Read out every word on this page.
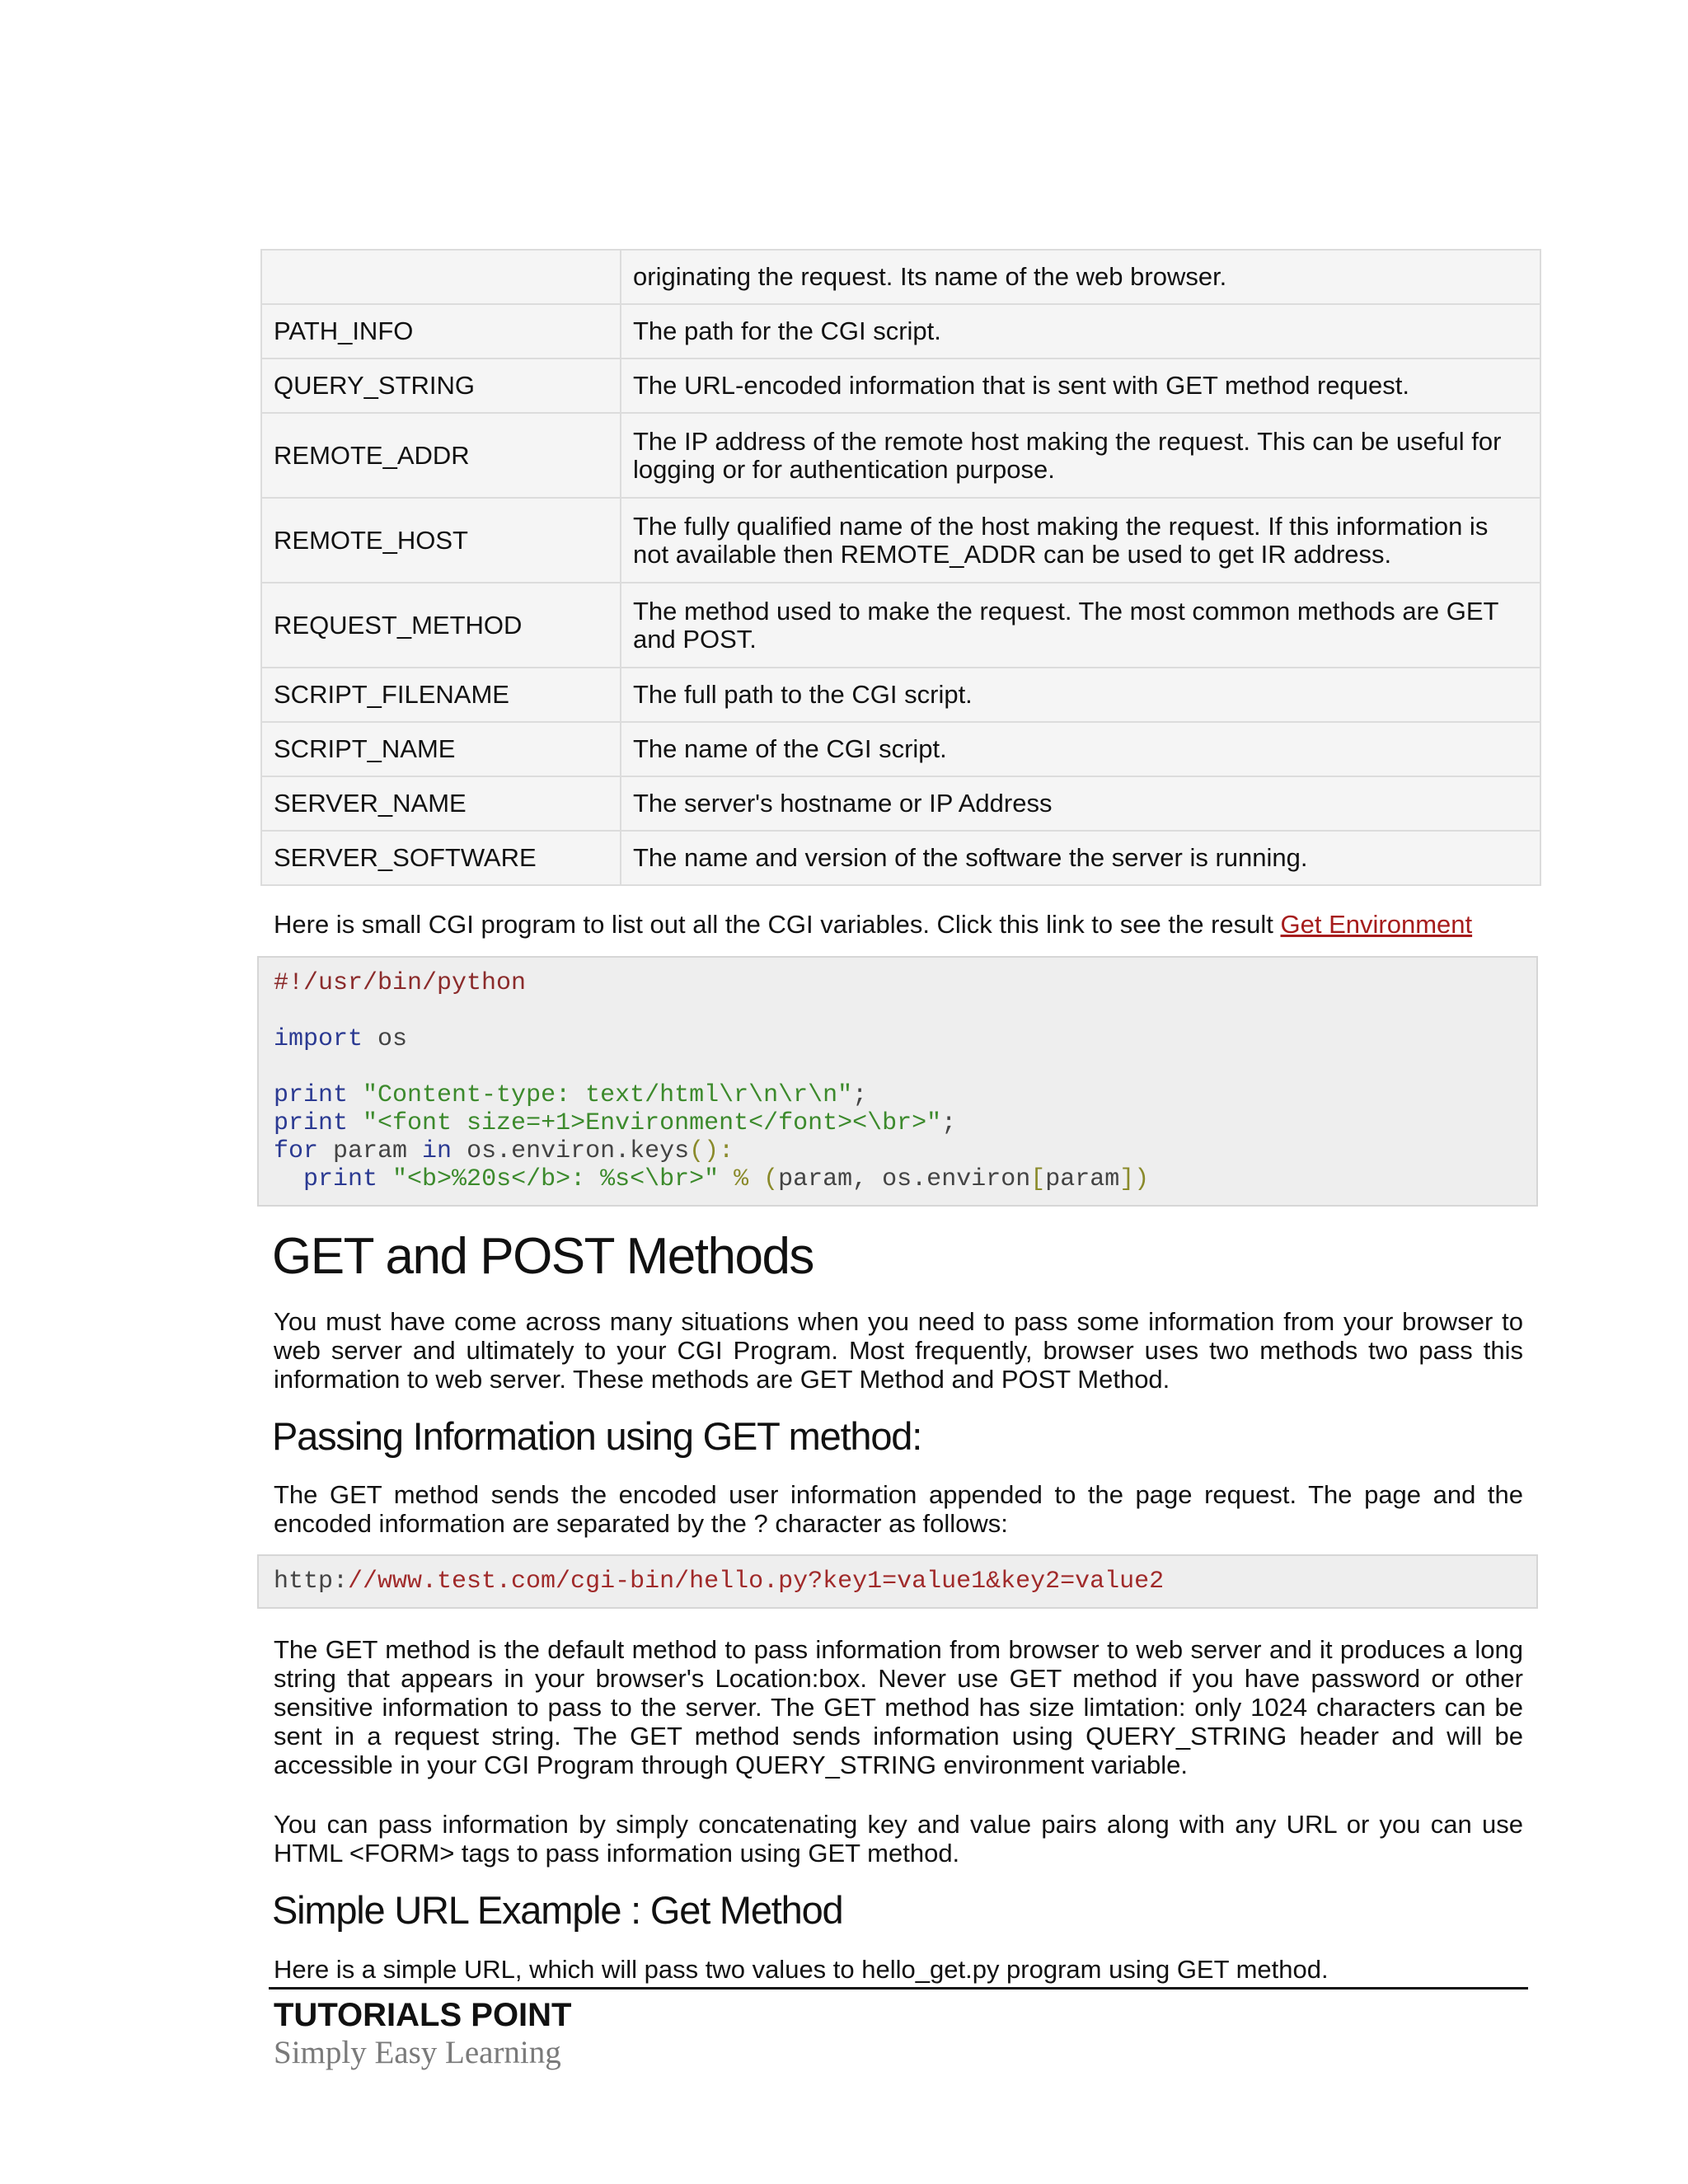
	originating the request. Its name of the web browser.
PATH_INFO	The path for the CGI script.
QUERY_STRING	The URL-encoded information that is sent with GET method request.
REMOTE_ADDR	The IP address of the remote host making the request. This can be useful for logging or for authentication purpose.
REMOTE_HOST	The fully qualified name of the host making the request. If this information is not available then REMOTE_ADDR can be used to get IR address.
REQUEST_METHOD	The method used to make the request. The most common methods are GET and POST.
SCRIPT_FILENAME	The full path to the CGI script.
SCRIPT_NAME	The name of the CGI script.
SERVER_NAME	The server's hostname or IP Address
SERVER_SOFTWARE	The name and version of the software the server is running.

Here is small CGI program to list out all the CGI variables. Click this link to see the result Get Environment

#!/usr/bin/python

import os

print "Content-type: text/html\r\n\r\n";
print "<font size=+1>Environment</font><\br>";
for param in os.environ.keys():
print "<b>%20s</b>: %s<\br>" % (param, os.environ[param])
GET and POST Methods

You must have come across many situations when you need to pass some information from your browser to web server and ultimately to your CGI Program. Most frequently, browser uses two methods two pass this information to web server. These methods are GET Method and POST Method.

Passing Information using GET method:

The GET method sends the encoded user information appended to the page request. The page and the encoded information are separated by the ? character as follows:

http://www.test.com/cgi-bin/hello.py?key1=value1&key2=value2

The GET method is the default method to pass information from browser to web server and it produces a long string that appears in your browser's Location:box. Never use GET method if you have password or other sensitive information to pass to the server. The GET method has size limtation: only 1024 characters can be sent in a request string. The GET method sends information using QUERY_STRING header and will be accessible in your CGI Program through QUERY_STRING environment variable.

You can pass information by simply concatenating key and value pairs along with any URL or you can use HTML <FORM> tags to pass information using GET method.

Simple URL Example : Get Method

Here is a simple URL, which will pass two values to hello_get.py program using GET method.

TUTORIALS POINT
Simply Easy Learning
